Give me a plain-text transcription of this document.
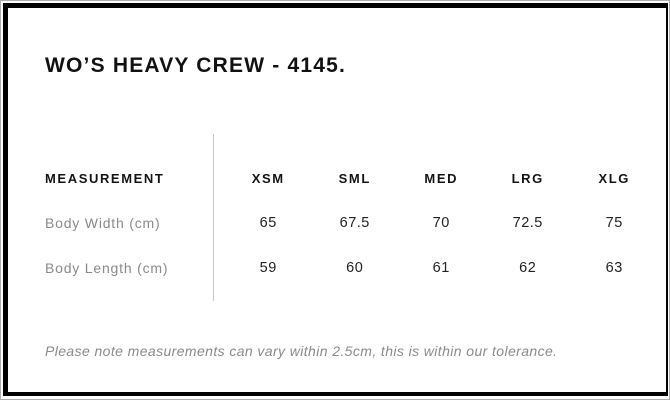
WO’S HEAVY CREW - 4145.
MEASUREMENT	XSM	SML	MED	LRG	XLG
Body Width (cm)	65	67.5	70	72.5	75
Body Length (cm)	59	60	61	62	63

Please note measurements can vary within 2.5cm, this is within our tolerance.
